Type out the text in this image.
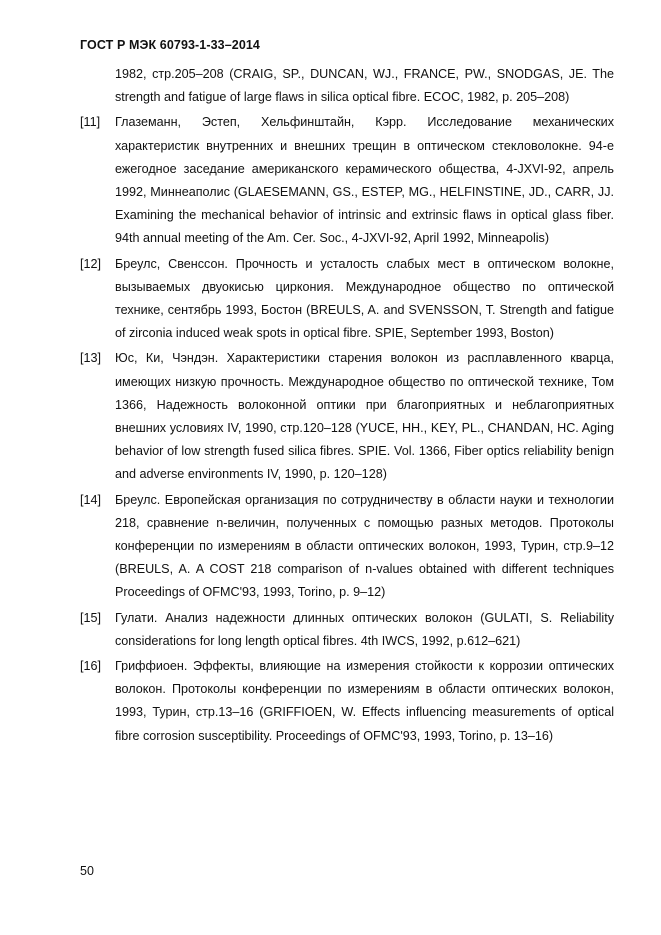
ГОСТ Р МЭК 60793-1-33–2014
1982, стр.205–208 (CRAIG, SP., DUNCAN, WJ., FRANCE, PW., SNODGAS, JE. The strength and fatigue of large flaws in silica optical fibre. ECOC, 1982, p. 205–208)
[11] Глаземанн, Эстеп, Хельфинштайн, Кэрр. Исследование механических характеристик внутренних и внешних трещин в оптическом стекловолокне. 94-е ежегодное заседание американского керамического общества, 4-JXVI-92, апрель 1992, Миннеаполис (GLAESEMANN, GS., ESTEP, MG., HELFINSTINE, JD., CARR, JJ. Examining the mechanical behavior of intrinsic and extrinsic flaws in optical glass fiber. 94th annual meeting of the Am. Cer. Soc., 4-JXVI-92, April 1992, Minneapolis)
[12] Бреулс, Свенссон. Прочность и усталость слабых мест в оптическом волокне, вызываемых двуокисью циркония. Международное общество по оптической технике, сентябрь 1993, Бостон (BREULS, A. and SVENSSON, T. Strength and fatigue of zirconia induced weak spots in optical fibre. SPIE, September 1993, Boston)
[13] Юс, Ки, Чэндэн. Характеристики старения волокон из расплавленного кварца, имеющих низкую прочность. Международное общество по оптической технике, Том 1366, Надежность волоконной оптики при благоприятных и неблагоприятных внешних условиях IV, 1990, стр.120–128 (YUCE, HH., KEY, PL., CHANDAN, HC. Aging behavior of low strength fused silica fibres. SPIE. Vol. 1366, Fiber optics reliability benign and adverse environments IV, 1990, p. 120–128)
[14] Бреулс. Европейская организация по сотрудничеству в области науки и технологии 218, сравнение n-величин, полученных с помощью разных методов. Протоколы конференции по измерениям в области оптических волокон, 1993, Турин, стр.9–12 (BREULS, A. A COST 218 comparison of n-values obtained with different techniques Proceedings of OFMC'93, 1993, Torino, p. 9–12)
[15] Гулати. Анализ надежности длинных оптических волокон (GULATI, S. Reliability considerations for long length optical fibres. 4th IWCS, 1992, p.612–621)
[16] Гриффиоен. Эффекты, влияющие на измерения стойкости к коррозии оптических волокон. Протоколы конференции по измерениям в области оптических волокон, 1993, Турин, стр.13–16 (GRIFFIOEN, W. Effects influencing measurements of optical fibre corrosion susceptibility. Proceedings of OFMC'93, 1993, Torino, p. 13–16)
50
